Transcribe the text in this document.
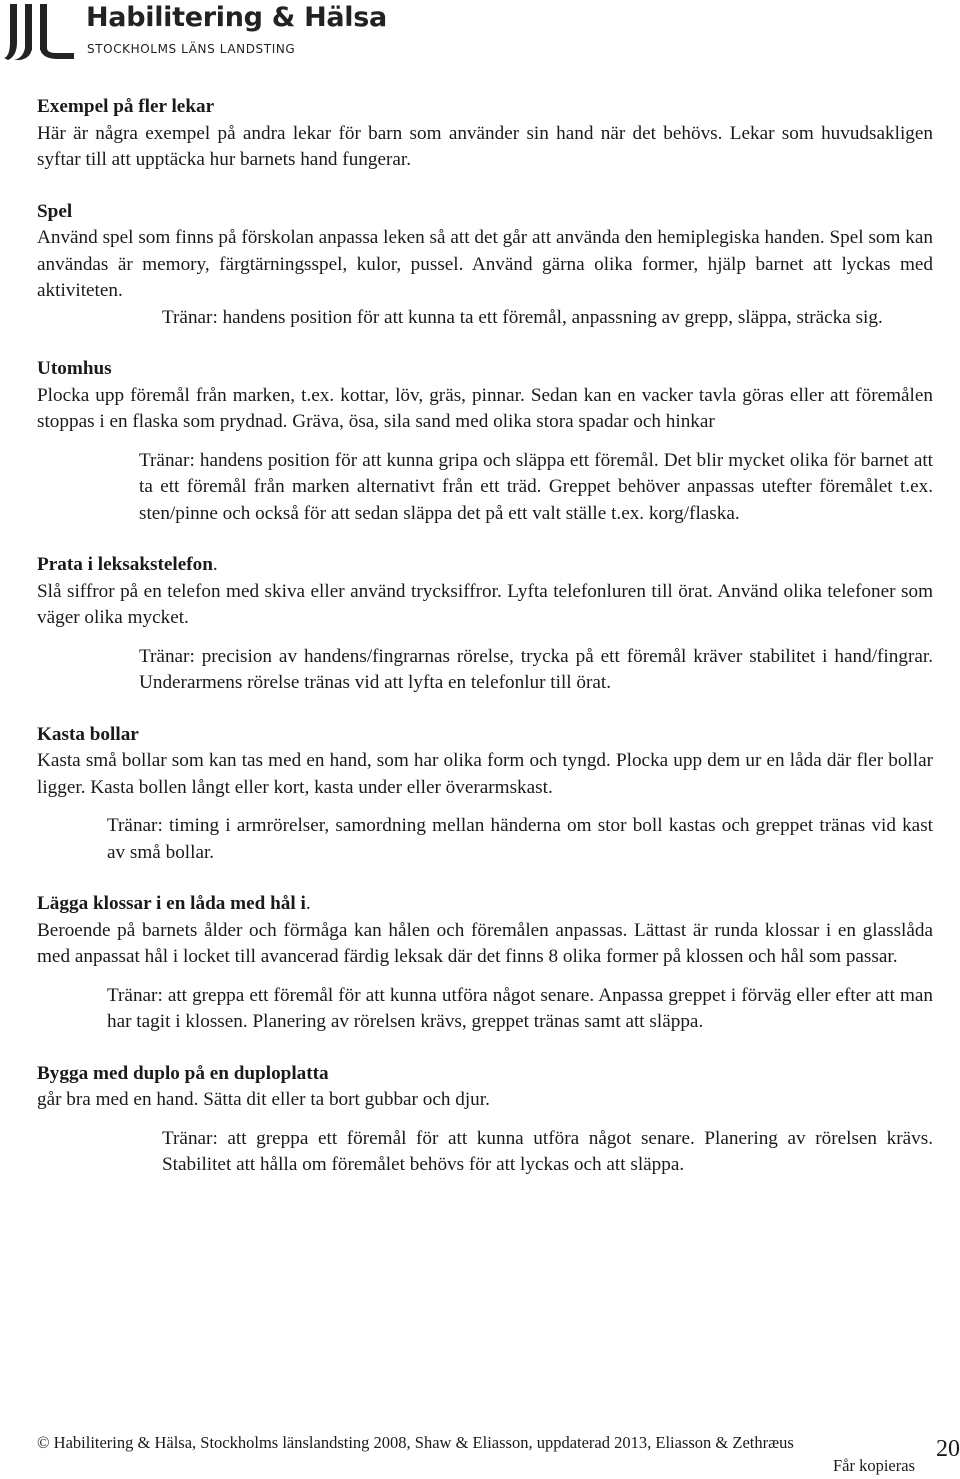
Habilitering & Hälsa
STOCKHOLMS LÄNS LANDSTING
Exempel på fler lekar
Här är några exempel på andra lekar för barn som använder sin hand när det behövs. Lekar som huvudsakligen syftar till att upptäcka hur barnets hand fungerar.
Spel
Använd spel som finns på förskolan anpassa leken så att det går att använda den hemiplegiska handen. Spel som kan användas är memory, färgtärningsspel, kulor, pussel. Använd gärna olika former, hjälp barnet att lyckas med aktiviteten.
Tränar: handens position för att kunna ta ett föremål, anpassning av grepp, släppa, sträcka sig.
Utomhus
Plocka upp föremål från marken, t.ex. kottar, löv, gräs, pinnar. Sedan kan en vacker tavla göras eller att föremålen stoppas i en flaska som prydnad. Gräva, ösa, sila sand med olika stora spadar och hinkar
Tränar: handens position för att kunna gripa och släppa ett föremål. Det blir mycket olika för barnet att ta ett föremål från marken alternativt från ett träd. Greppet behöver anpassas utefter föremålet t.ex. sten/pinne och också för att sedan släppa det på ett valt ställe t.ex. korg/flaska.
Prata i leksakstelefon.
Slå siffror på en telefon med skiva eller använd trycksiffror. Lyfta telefonluren till örat. Använd olika telefoner som väger olika mycket.
Tränar: precision av handens/fingrarnas rörelse, trycka på ett föremål kräver stabilitet i hand/fingrar. Underarmens rörelse tränas vid att lyfta en telefonlur till örat.
Kasta bollar
Kasta små bollar som kan tas med en hand, som har olika form och tyngd. Plocka upp dem ur en låda där fler bollar ligger. Kasta bollen långt eller kort, kasta under eller överarmskast.
Tränar: timing i armrörelser, samordning mellan händerna om stor boll kastas och greppet tränas vid kast av små bollar.
Lägga klossar i en låda med hål i.
Beroende på barnets ålder och förmåga kan hålen och föremålen anpassas. Lättast är runda klossar i en glasslåda med anpassat hål i locket till avancerad färdig leksak där det finns 8 olika former på klossen och hål som passar.
Tränar: att greppa ett föremål för att kunna utföra något senare. Anpassa greppet i förväg eller efter att man har tagit i klossen. Planering av rörelsen krävs, greppet tränas samt att släppa.
Bygga med duplo på en duploplatta
går bra med en hand. Sätta dit eller ta bort gubbar och djur.
Tränar: att greppa ett föremål för att kunna utföra något senare. Planering av rörelsen krävs. Stabilitet att hålla om föremålet behövs för att lyckas och att släppa.
© Habilitering & Hälsa, Stockholms länslandsting 2008, Shaw & Eliasson, uppdaterad 2013, Eliasson & Zethræus
Får kopieras
20
